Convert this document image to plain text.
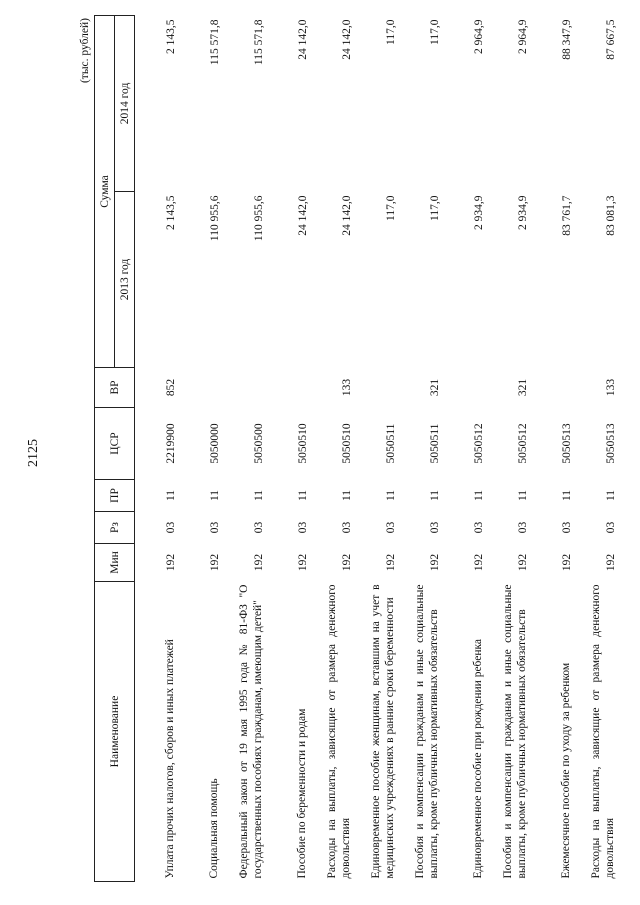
2125
(тыс. рублей)
Наименование	Мин	Рз	ПР	ЦСР	ВР	Сумма	
						2013 год	2014 год
Уплата прочих налогов, сборов и иных платежей	192	03	11	2219900	852	2 143,5	2 143,5
Социальная помощь	192	03	11	5050000		110 955,6	115 571,8
Федеральный закон от 19 мая 1995 года № 81-ФЗ "О государственных пособиях гражданам, имеющим детей"	192	03	11	5050500		110 955,6	115 571,8
Пособие по беременности и родам	192	03	11	5050510		24 142,0	24 142,0
Расходы на выплаты, зависящие от размера денежного довольствия	192	03	11	5050510	133	24 142,0	24 142,0
Единовременное пособие женщинам, вставшим на учет в медицинских учреждениях в ранние сроки беременности	192	03	11	5050511		117,0	117,0
Пособия и компенсации гражданам и иные социальные выплаты, кроме публичных нормативных обязательств	192	03	11	5050511	321	117,0	117,0
Единовременное пособие при рождении ребенка	192	03	11	5050512		2 934,9	2 964,9
Пособия и компенсации гражданам и иные социальные выплаты, кроме публичных нормативных обязательств	192	03	11	5050512	321	2 934,9	2 964,9
Ежемесячное пособие по уходу за ребенком	192	03	11	5050513		83 761,7	88 347,9
Расходы на выплаты, зависящие от размера денежного довольствия	192	03	11	5050513	133	83 081,3	87 667,5
